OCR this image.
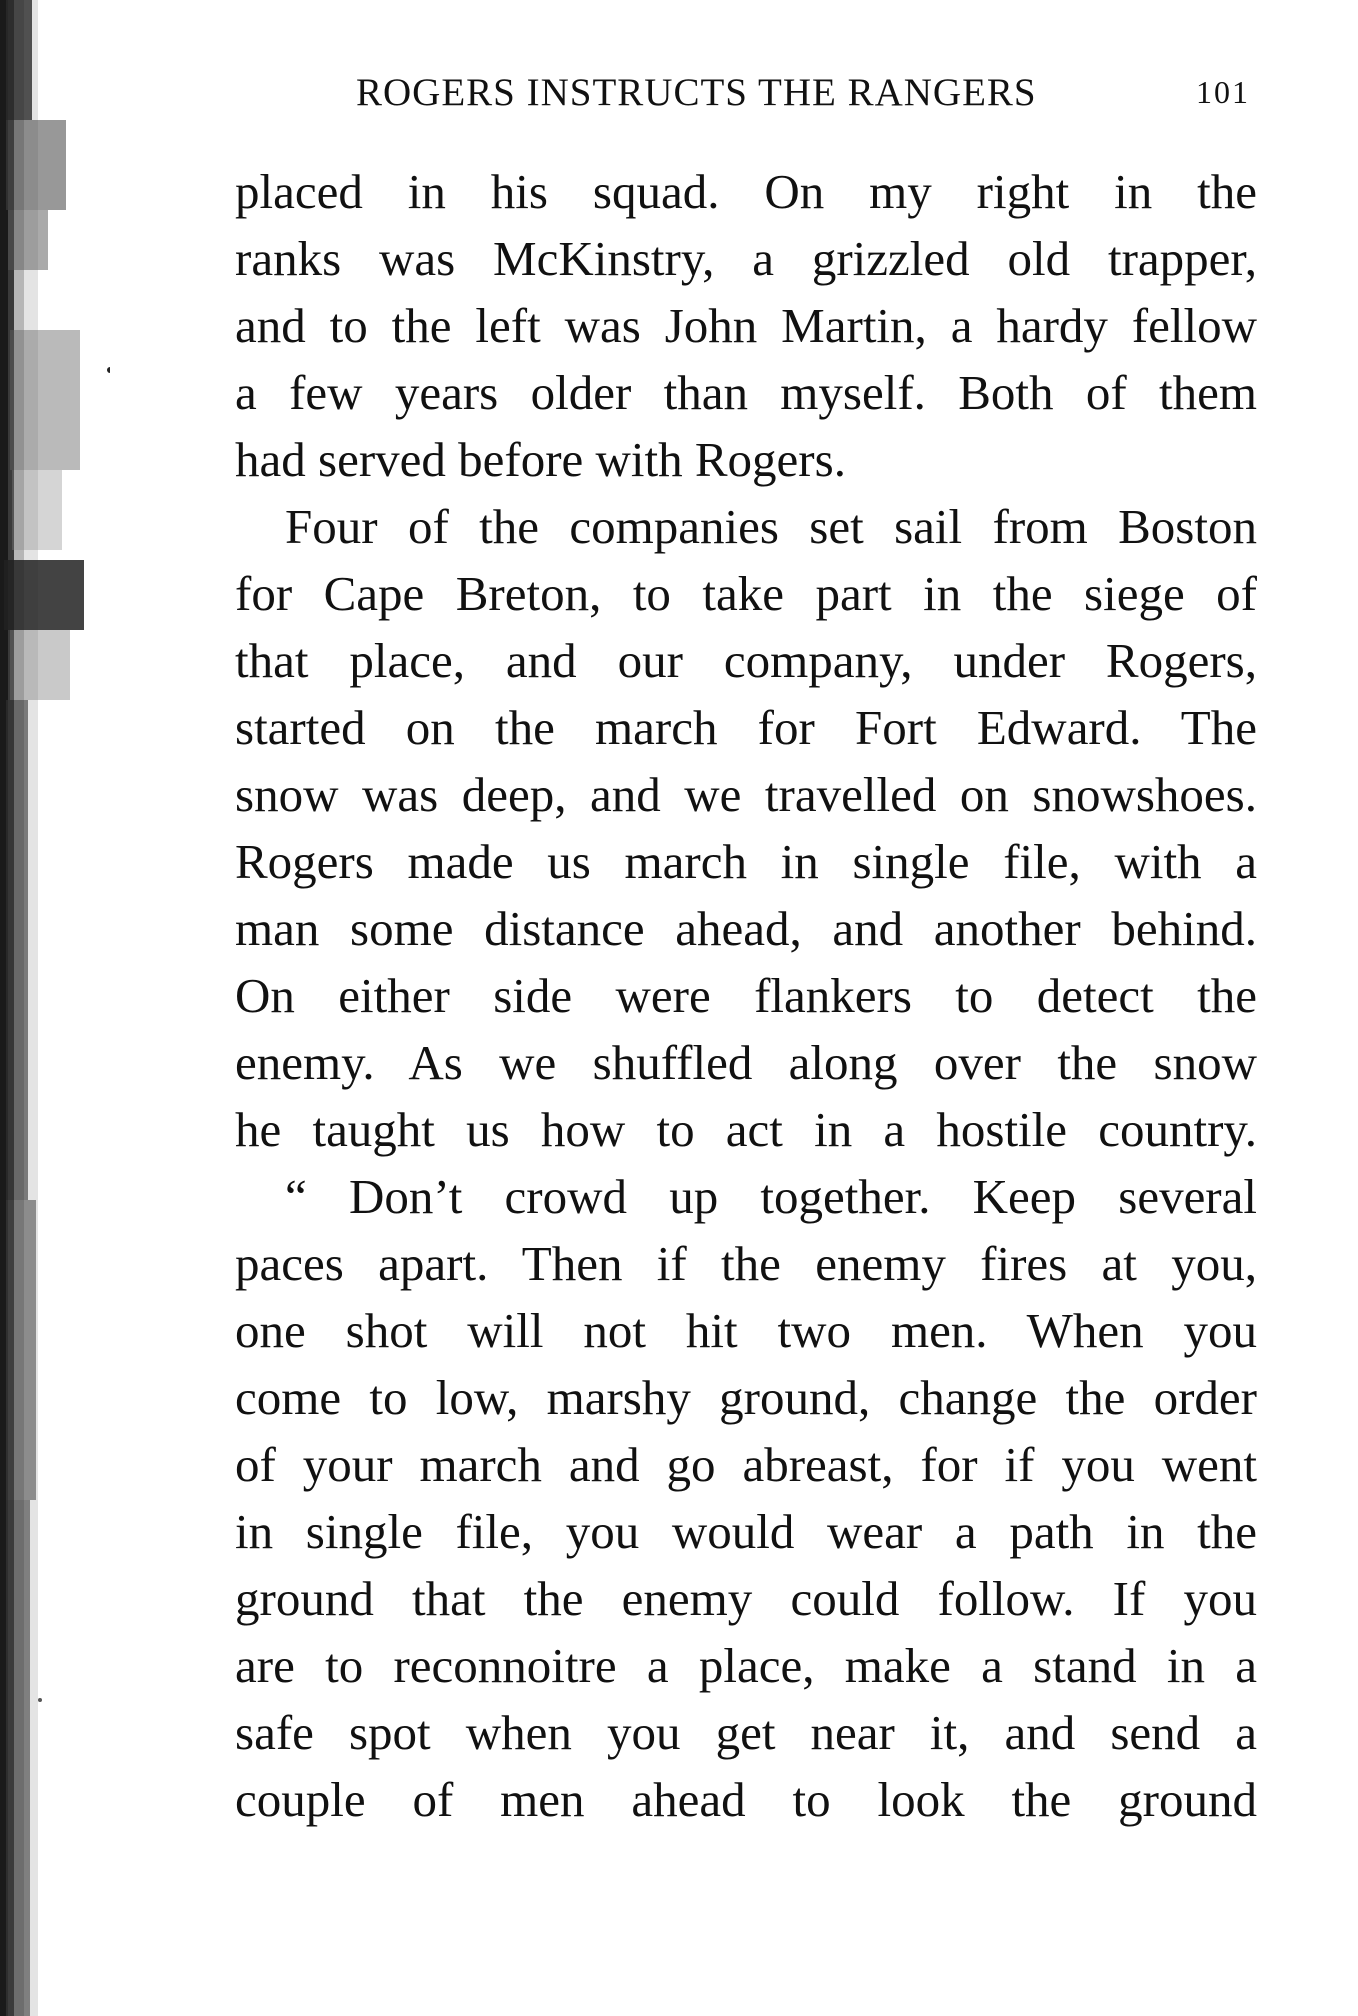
ROGERS INSTRUCTS THE RANGERS	101
placed in his squad. On my right in the
ranks was McKinstry, a grizzled old trapper,
and to the left was John Martin, a hardy fellow
a few years older than myself. Both of them
had served before with Rogers.
Four of the companies set sail from Boston
for Cape Breton, to take part in the siege of
that place, and our company, under Rogers,
started on the march for Fort Edward. The
snow was deep, and we travelled on snowshoes.
Rogers made us march in single file, with a
man some distance ahead, and another behind.
On either side were flankers to detect the
enemy. As we shuffled along over the snow
he taught us how to act in a hostile country.
“ Don’t crowd up together. Keep several
paces apart. Then if the enemy fires at you,
one shot will not hit two men. When you
come to low, marshy ground, change the order
of your march and go abreast, for if you went
in single file, you would wear a path in the
ground that the enemy could follow. If you
are to reconnoitre a place, make a stand in a
safe spot when you get near it, and send a
couple of men ahead to look the ground
